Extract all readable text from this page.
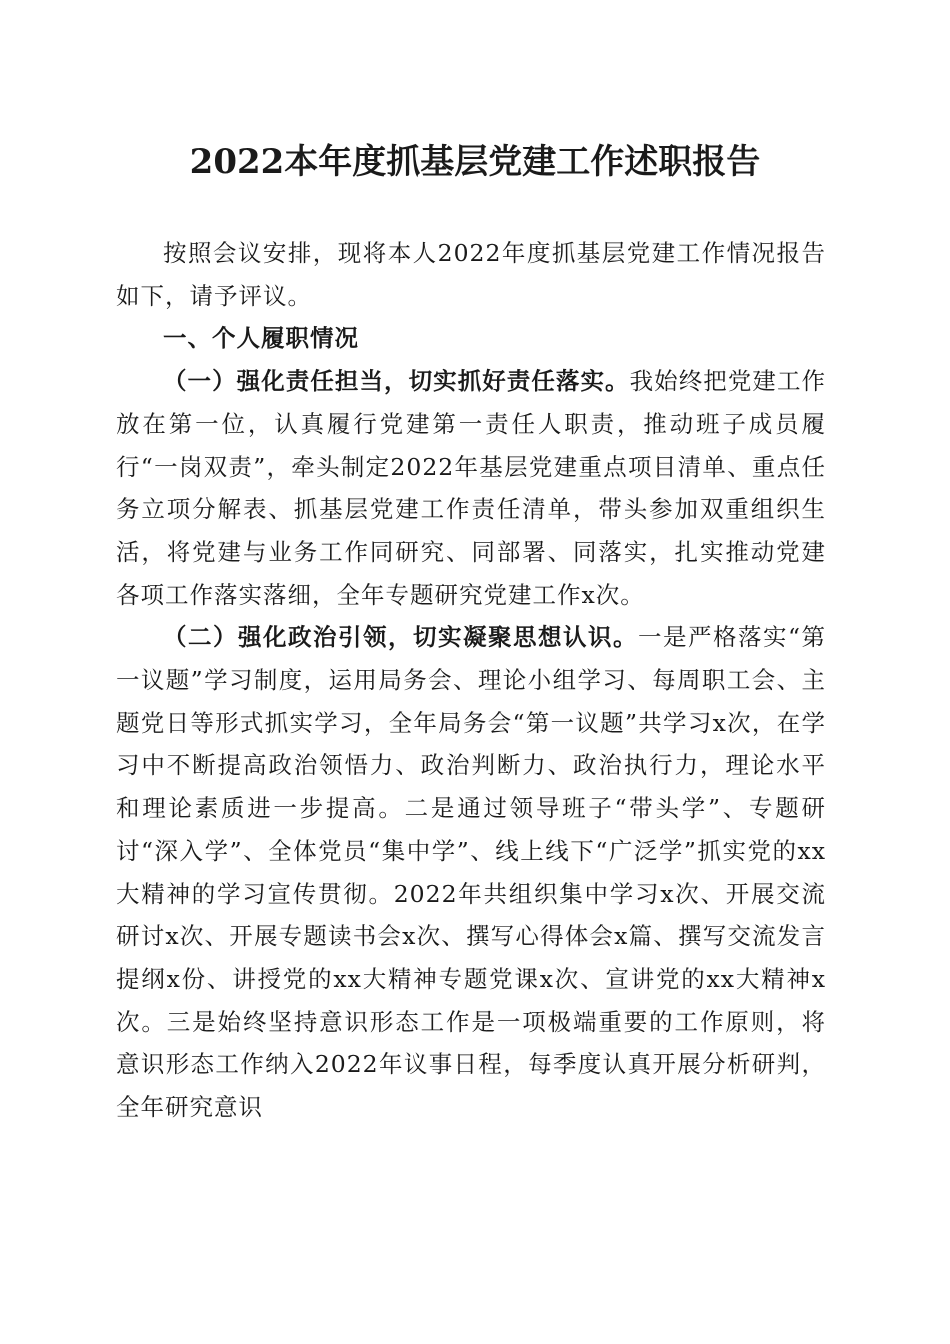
2022本年度抓基层党建工作述职报告

按照会议安排，现将本人2022年度抓基层党建工作情况报告如下，请予评议。

一、个人履职情况

（一）强化责任担当，切实抓好责任落实。我始终把党建工作放在第一位，认真履行党建第一责任人职责，推动班子成员履行“一岗双责”，牵头制定2022年基层党建重点项目清单、重点任务立项分解表、抓基层党建工作责任清单，带头参加双重组织生活，将党建与业务工作同研究、同部署、同落实，扎实推动党建各项工作落实落细，全年专题研究党建工作x次。

（二）强化政治引领，切实凝聚思想认识。一是严格落实“第一议题”学习制度，运用局务会、理论小组学习、每周职工会、主题党日等形式抓实学习，全年局务会“第一议题”共学习x次，在学习中不断提高政治领悟力、政治判断力、政治执行力，理论水平和理论素质进一步提高。二是通过领导班子“带头学”、专题研讨“深入学”、全体党员“集中学”、线上线下“广泛学”抓实党的xx大精神的学习宣传贯彻。2022年共组织集中学习x次、开展交流研讨x次、开展专题读书会x次、撰写心得体会x篇、撰写交流发言提纲x份、讲授党的xx大精神专题党课x次、宣讲党的xx大精神x次。三是始终坚持意识形态工作是一项极端重要的工作原则，将意识形态工作纳入2022年议事日程，每季度认真开展分析研判，全年研究意识
